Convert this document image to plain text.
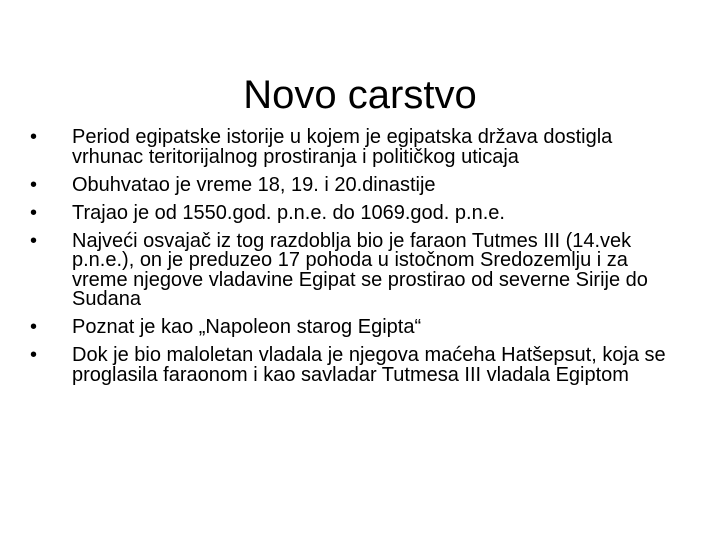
Novo carstvo
•	Period egipatske istorije u kojem je egipatska država dostigla vrhunac teritorijalnog prostiranja i političkog uticaja
•	Obuhvatao je vreme 18, 19. i 20.dinastije
•	Trajao je od 1550.god. p.n.e. do 1069.god. p.n.e.
•	Najveći osvajač iz tog razdoblja bio je faraon Tutmes III (14.vek p.n.e.), on je preduzeo 17 pohoda u istočnom Sredozemlju i za vreme njegove vladavine Egipat se prostirao od severne Sirije do Sudana
•	Poznat je kao „Napoleon starog Egipta“
•	Dok je bio maloletan vladala je njegova maćeha Hatšepsut, koja se proglasila faraonom i kao savladar Tutmesa III vladala Egiptom
